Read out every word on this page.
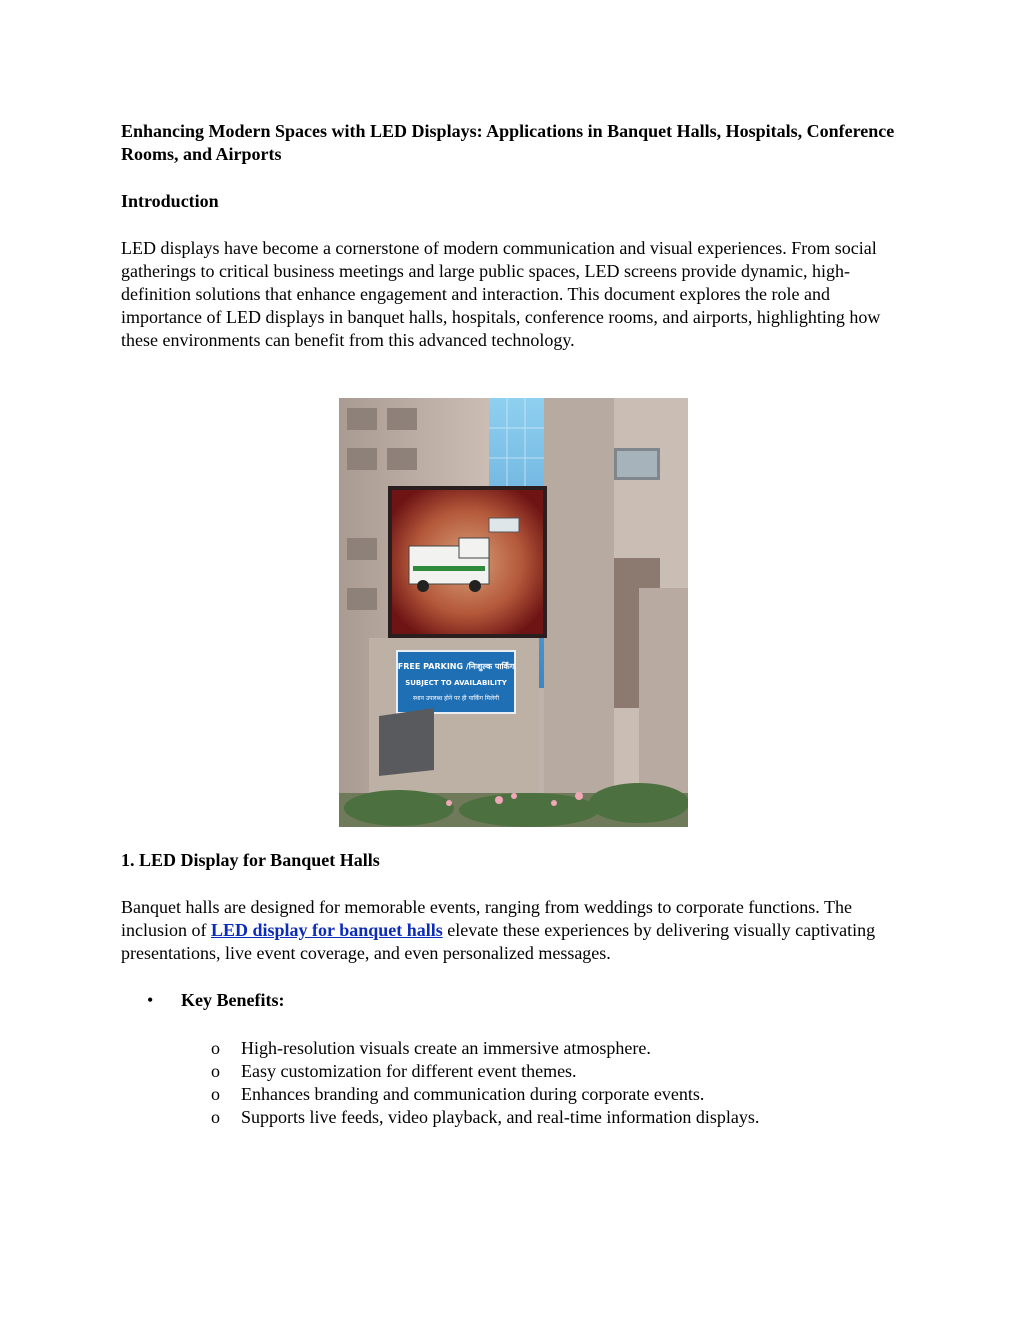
Enhancing Modern Spaces with LED Displays: Applications in Banquet Halls, Hospitals, Conference Rooms, and Airports
Introduction

LED displays have become a cornerstone of modern communication and visual experiences. From social gatherings to critical business meetings and large public spaces, LED screens provide dynamic, high-definition solutions that enhance engagement and interaction. This document explores the role and importance of LED displays in banquet halls, hospitals, conference rooms, and airports, highlighting how these environments can benefit from this advanced technology.

FREE PARKING /निःशुल्क पार्किंग
SUBJECT TO AVAILABILITY
स्थान उपलब्ध होने पर ही पार्किंग मिलेगी
1. LED Display for Banquet Halls

Banquet halls are designed for memorable events, ranging from weddings to corporate functions. The inclusion of LED display for banquet halls elevate these experiences by delivering visually captivating presentations, live event coverage, and even personalized messages.

• Key Benefits:
o High-resolution visuals create an immersive atmosphere.
o Easy customization for different event themes.
o Enhances branding and communication during corporate events.
o Supports live feeds, video playback, and real-time information displays.
